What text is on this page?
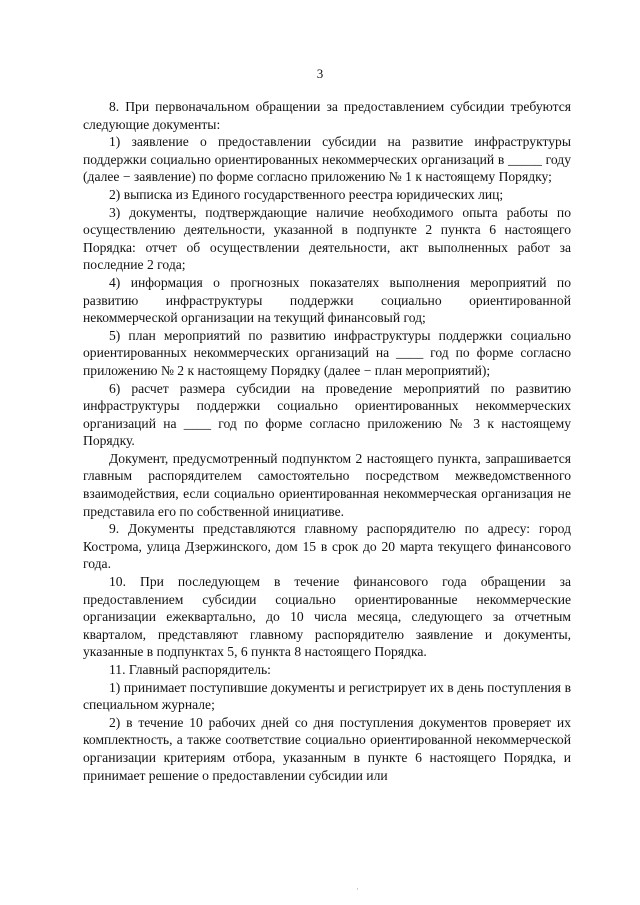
3

8. При первоначальном обращении за предоставлением субсидии требуются следующие документы:

1) заявление о предоставлении субсидии на развитие инфраструктуры поддержки социально ориентированных некоммерческих организаций в _____ году (далее − заявление) по форме согласно приложению № 1 к настоящему Порядку;

2) выписка из Единого государственного реестра юридических лиц;

3) документы, подтверждающие наличие необходимого опыта работы по осуществлению деятельности, указанной в подпункте 2 пункта 6 настоящего Порядка: отчет об осуществлении деятельности, акт выполненных работ за последние 2 года;

4) информация о прогнозных показателях выполнения мероприятий по развитию инфраструктуры поддержки социально ориентированной некоммерческой организации на текущий финансовый год;

5) план мероприятий по развитию инфраструктуры поддержки социально ориентированных некоммерческих организаций на ____ год по форме согласно приложению № 2 к настоящему Порядку (далее − план мероприятий);

6) расчет размера субсидии на проведение мероприятий по развитию инфраструктуры поддержки социально ориентированных некоммерческих организаций на ____ год по форме согласно приложению № 3 к настоящему Порядку.

Документ, предусмотренный подпунктом 2 настоящего пункта, запрашивается главным распорядителем самостоятельно посредством межведомственного взаимодействия, если социально ориентированная некоммерческая организация не представила его по собственной инициативе.

9. Документы представляются главному распорядителю по адресу: город Кострома, улица Дзержинского, дом 15 в срок до 20 марта текущего финансового года.

10. При последующем в течение финансового года обращении за предоставлением субсидии социально ориентированные некоммерческие организации ежеквартально, до 10 числа месяца, следующего за отчетным кварталом, представляют главному распорядителю заявление и документы, указанные в подпунктах 5, 6 пункта 8 настоящего Порядка.

11. Главный распорядитель:

1) принимает поступившие документы и регистрирует их в день поступления в специальном журнале;

2) в течение 10 рабочих дней со дня поступления документов проверяет их комплектность, а также соответствие социально ориентированной некоммерческой организации критериям отбора, указанным в пункте 6 настоящего Порядка, и принимает решение о предоставлении субсидии или

·
